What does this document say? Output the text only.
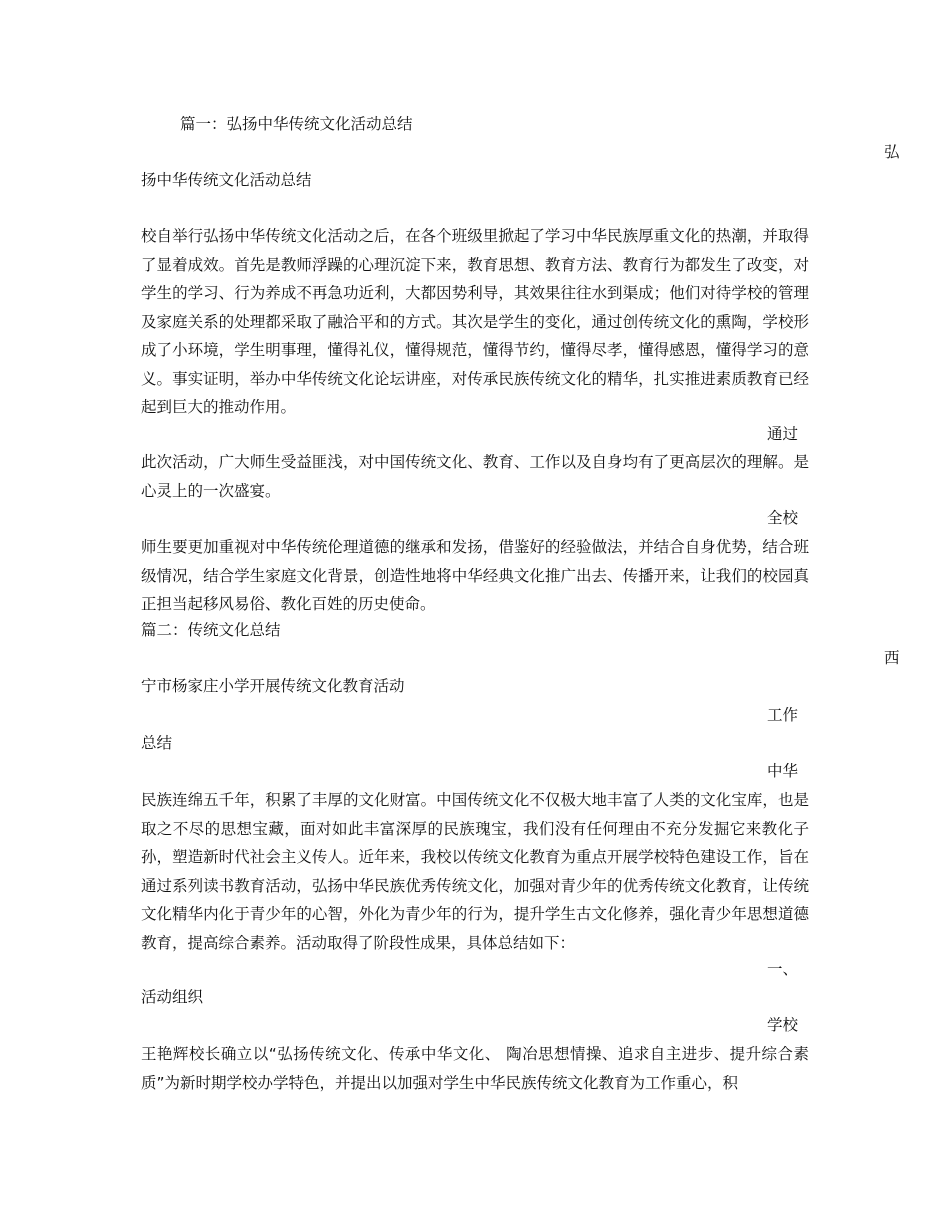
篇一：弘扬中华传统文化活动总结

弘

扬中华传统文化活动总结

校自举行弘扬中华传统文化活动之后，在各个班级里掀起了学习中华民族厚重文化的热潮，并取得了显着成效。首先是教师浮躁的心理沉淀下来，教育思想、教育方法、教育行为都发生了改变，对学生的学习、行为养成不再急功近利，大都因势利导，其效果往往水到渠成；他们对待学校的管理及家庭关系的处理都采取了融洽平和的方式。其次是学生的变化，通过创传统文化的熏陶，学校形成了小环境，学生明事理，懂得礼仪，懂得规范，懂得节约，懂得尽孝，懂得感恩，懂得学习的意义。事实证明，举办中华传统文化论坛讲座，对传承民族传统文化的精华，扎实推进素质教育已经起到巨大的推动作用。

通过

此次活动，广大师生受益匪浅，对中国传统文化、教育、工作以及自身均有了更高层次的理解。是心灵上的一次盛宴。

全校

师生要更加重视对中华传统伦理道德的继承和发扬，借鉴好的经验做法，并结合自身优势，结合班级情况，结合学生家庭文化背景，创造性地将中华经典文化推广出去、传播开来，让我们的校园真正担当起移风易俗、教化百姓的历史使命。

篇二：传统文化总结

西

宁市杨家庄小学开展传统文化教育活动

工作

总结

中华

民族连绵五千年，积累了丰厚的文化财富。中国传统文化不仅极大地丰富了人类的文化宝库，也是取之不尽的思想宝藏，面对如此丰富深厚的民族瑰宝，我们没有任何理由不充分发掘它来教化子孙，塑造新时代社会主义传人。近年来，我校以传统文化教育为重点开展学校特色建设工作，旨在通过系列读书教育活动，弘扬中华民族优秀传统文化，加强对青少年的优秀传统文化教育，让传统文化精华内化于青少年的心智，外化为青少年的行为，提升学生古文化修养，强化青少年思想道德教育，提高综合素养。活动取得了阶段性成果，具体总结如下：

一、

活动组织

学校

王艳辉校长确立以“弘扬传统文化、传承中华文化、 陶冶思想情操、追求自主进步、提升综合素质”为新时期学校办学特色，并提出以加强对学生中华民族传统文化教育为工作重心，积
